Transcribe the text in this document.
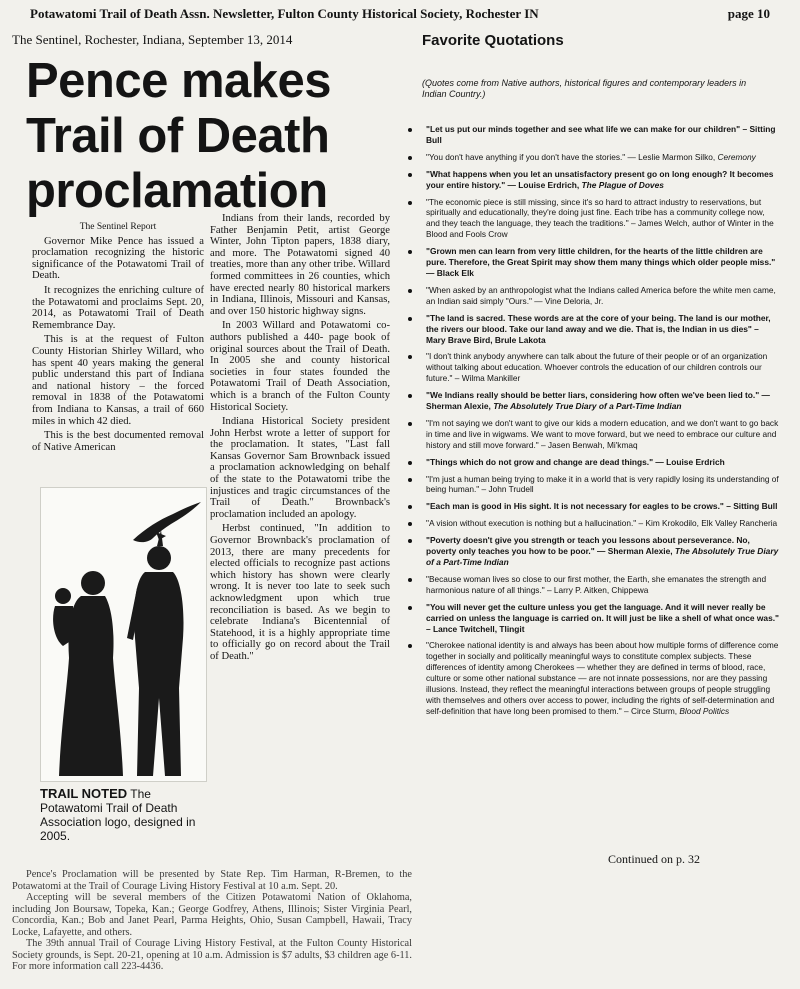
Potawatomi Trail of Death Assn. Newsletter, Fulton County Historical Society, Rochester IN	page 10
The Sentinel, Rochester, Indiana, September 13, 2014
Pence makes
Trail of Death
proclamation

The Sentinel Report

Governor Mike Pence has issued a proclamation recognizing the historic significance of the Potawatomi Trail of Death.

It recognizes the enriching culture of the Potawatomi and proclaims Sept. 20, 2014, as Potawatomi Trail of Death Remembrance Day.

This is at the request of Fulton County Historian Shirley Willard, who has spent 40 years making the general public understand this part of Indiana and national history – the forced removal in 1838 of the Potawatomi from Indiana to Kansas, a trail of 660 miles in which 42 died.

This is the best documented removal of Native American

Indians from their lands, recorded by Father Benjamin Petit, artist George Winter, John Tipton papers, 1838 diary, and more. The Potawatomi signed 40 treaties, more than any other tribe. Willard formed committees in 26 counties, which have erected nearly 80 historical markers in Indiana, Illinois, Missouri and Kansas, and over 150 historic highway signs.

In 2003 Willard and Potawatomi co-authors published a 440- page book of original sources about the Trail of Death. In 2005 she and county historical societies in four states founded the Potawatomi Trail of Death Association, which is a branch of the Fulton County Historical Society.

Indiana Historical Society president John Herbst wrote a letter of support for the proclamation. It states, "Last fall Kansas Governor Sam Brownback issued a proclamation acknowledging on behalf of the state to the Potawatomi tribe the injustices and tragic circumstances of the Trail of Death." Brownback's proclamation included an apology.

Herbst continued, "In addition to Governor Brownback's proclamation of 2013, there are many precedents for elected officials to recognize past actions which history has shown were clearly wrong. It is never too late to seek such acknowledgment upon which true reconciliation is based. As we begin to celebrate Indiana's Bicentennial of Statehood, it is a highly appropriate time to officially go on record about the Trail of Death."

TRAIL NOTED The Potawatomi Trail of Death Association logo, designed in 2005.

Pence's Proclamation will be presented by State Rep. Tim Harman, R-Bremen, to the Potawatomi at the Trail of Courage Living History Festival at 10 a.m. Sept. 20.

Accepting will be several members of the Citizen Potawatomi Nation of Oklahoma, including Jon Boursaw, Topeka, Kan.; George Godfrey, Athens, Illinois; Sister Virginia Pearl, Concordia, Kan.; Bob and Janet Pearl, Parma Heights, Ohio, Susan Campbell, Hawaii, Tracy Locke, Lafayette, and others.

The 39th annual Trail of Courage Living History Festival, at the Fulton County Historical Society grounds, is Sept. 20-21, opening at 10 a.m. Admission is $7 adults, $3 children age 6-11. For more information call 223-4436.

Favorite Quotations
(Quotes come from Native authors, historical figures and contemporary leaders in Indian Country.)
"Let us put our minds together and see what life we can make for our children" – Sitting Bull
"You don't have anything if you don't have the stories." — Leslie Marmon Silko, Ceremony
"What happens when you let an unsatisfactory present go on long enough? It becomes your entire history." — Louise Erdrich, The Plague of Doves
"The economic piece is still missing, since it's so hard to attract industry to reservations, but spiritually and educationally, they're doing just fine. Each tribe has a community college now, and they teach the language, they teach the traditions." – James Welch, author of Winter in the Blood and Fools Crow
"Grown men can learn from very little children, for the hearts of the little children are pure. Therefore, the Great Spirit may show them many things which older people miss." — Black Elk
"When asked by an anthropologist what the Indians called America before the white men came, an Indian said simply "Ours." — Vine Deloria, Jr.
"The land is sacred. These words are at the core of your being. The land is our mother, the rivers our blood. Take our land away and we die. That is, the Indian in us dies" – Mary Brave Bird, Brule Lakota
"I don't think anybody anywhere can talk about the future of their people or of an organization without talking about education. Whoever controls the education of our children controls our future." – Wilma Mankiller
"We Indians really should be better liars, considering how often we've been lied to." — Sherman Alexie, The Absolutely True Diary of a Part-Time Indian
"I'm not saying we don't want to give our kids a modern education, and we don't want to go back in time and live in wigwams. We want to move forward, but we need to embrace our culture and history and still move forward." – Jasen Benwah, Mi'kmaq
"Things which do not grow and change are dead things." — Louise Erdrich
"I'm just a human being trying to make it in a world that is very rapidly losing its understanding of being human." – John Trudell
"Each man is good in His sight. It is not necessary for eagles to be crows." – Sitting Bull
"A vision without execution is nothing but a hallucination." – Kim Krokodilo, Elk Valley Rancheria
"Poverty doesn't give you strength or teach you lessons about perseverance. No, poverty only teaches you how to be poor." — Sherman Alexie, The Absolutely True Diary of a Part-Time Indian
"Because woman lives so close to our first mother, the Earth, she emanates the strength and harmonious nature of all things." – Larry P. Aitken, Chippewa
"You will never get the culture unless you get the language. And it will never really be carried on unless the language is carried on. It will just be like a shell of what once was." – Lance Twitchell, Tlingit
"Cherokee national identity is and always has been about how multiple forms of difference come together in socially and politically meaningful ways to constitute complex subjects. These differences of identity among Cherokees — whether they are defined in terms of blood, race, culture or some other national substance — are not innate possessions, nor are they passing illusions. Instead, they reflect the meaningful interactions between groups of people struggling with themselves and others over access to power, including the rights of self-determination and self-definition that have long been promised to them." – Circe Sturm, Blood Politics
Continued on p. 32
